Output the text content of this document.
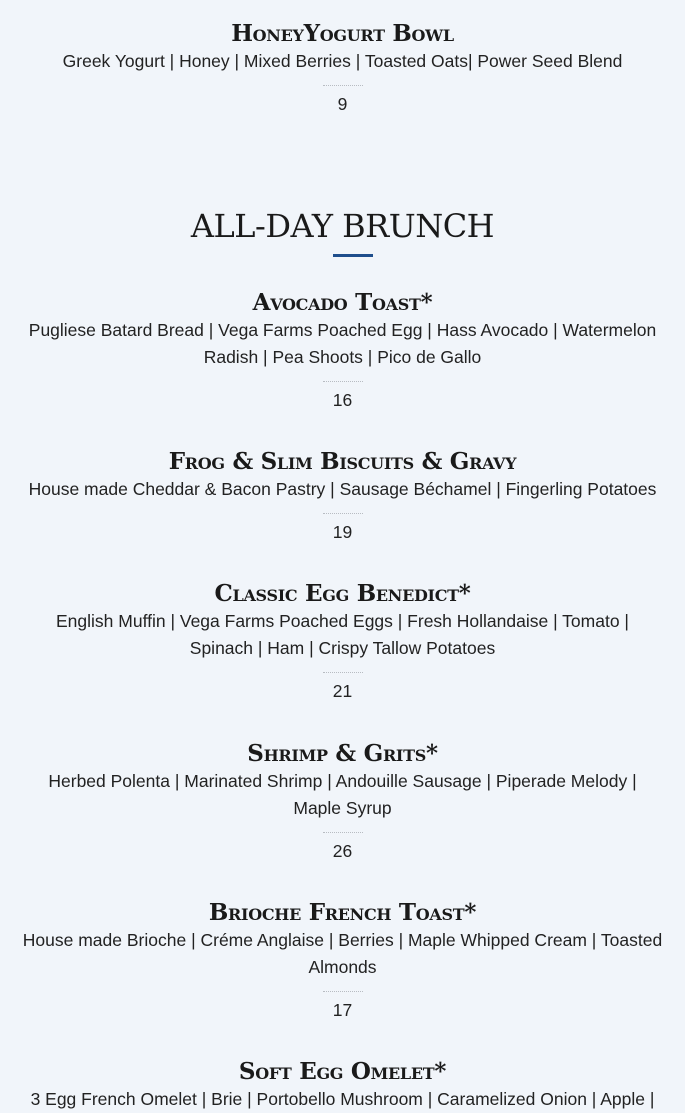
HoneyYogurt Bowl
Greek Yogurt | Honey | Mixed Berries | Toasted Oats| Power Seed Blend
9
ALL-DAY BRUNCH
Avocado Toast*
Pugliese Batard Bread | Vega Farms Poached Egg | Hass Avocado | Watermelon Radish | Pea Shoots | Pico de Gallo
16
Frog & Slim Biscuits & Gravy
House made Cheddar & Bacon Pastry | Sausage Béchamel | Fingerling Potatoes
19
Classic Egg Benedict*
English Muffin | Vega Farms Poached Eggs | Fresh Hollandaise | Tomato | Spinach | Ham | Crispy Tallow Potatoes
21
Shrimp & Grits*
Herbed Polenta | Marinated Shrimp | Andouille Sausage | Piperade Melody | Maple Syrup
26
Brioche French Toast*
House made Brioche | Créme Anglaise | Berries | Maple Whipped Cream | Toasted Almonds
17
Soft Egg Omelet*
3 Egg French Omelet | Brie | Portobello Mushroom | Caramelized Onion | Apple |
